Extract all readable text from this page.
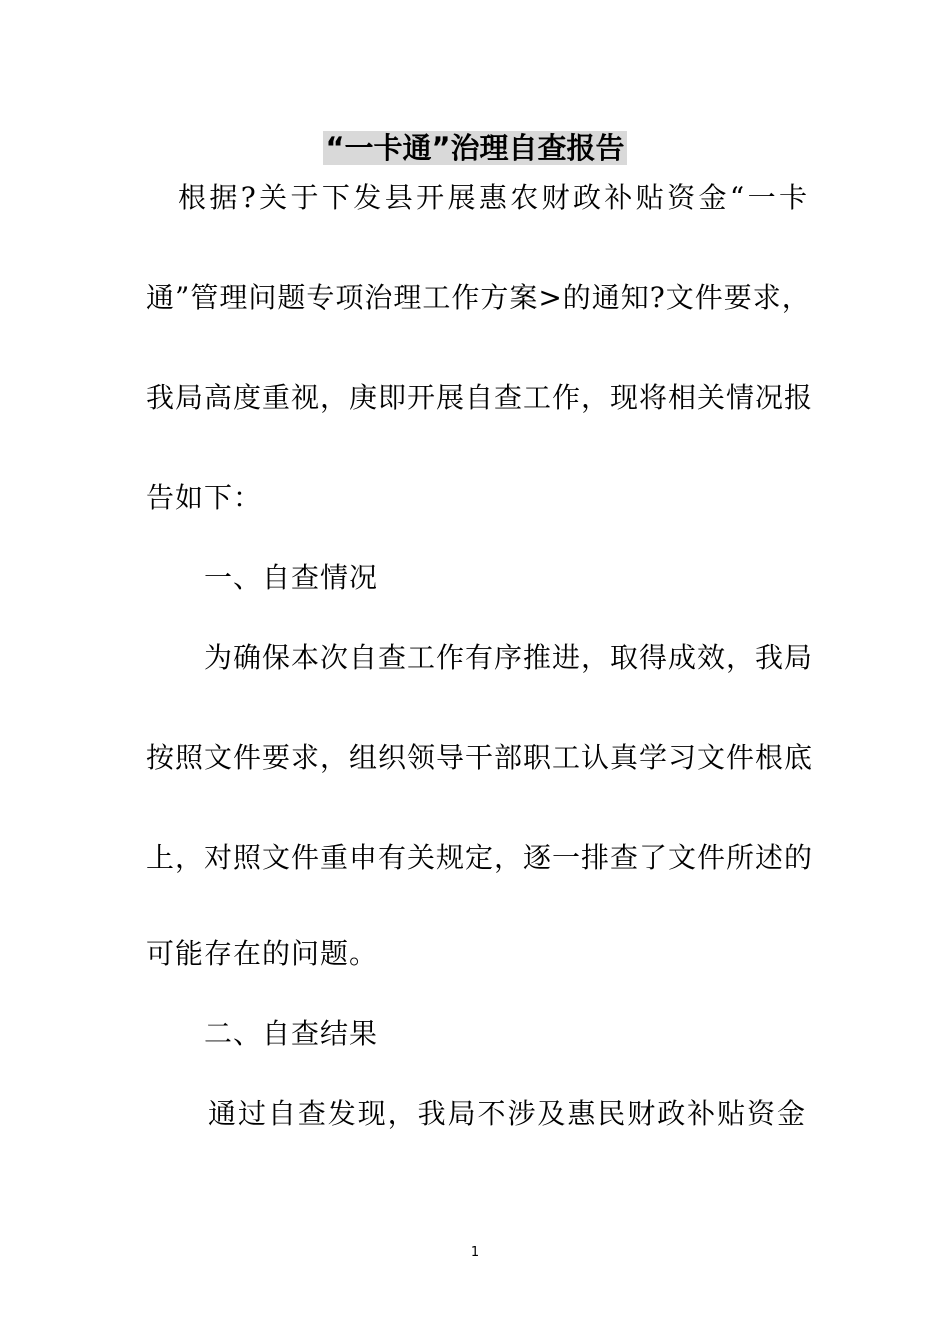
“一卡通”治理自查报告
根据?关于下发县开展惠农财政补贴资金“一卡
通”管理问题专项治理工作方案>的通知?文件要求，
我局高度重视，庚即开展自查工作，现将相关情况报
告如下：
一、自查情况
为确保本次自查工作有序推进，取得成效，我局
按照文件要求，组织领导干部职工认真学习文件根底
上，对照文件重申有关规定，逐一排查了文件所述的
可能存在的问题。
二、自查结果
通过自查发现，我局不涉及惠民财政补贴资金
1
